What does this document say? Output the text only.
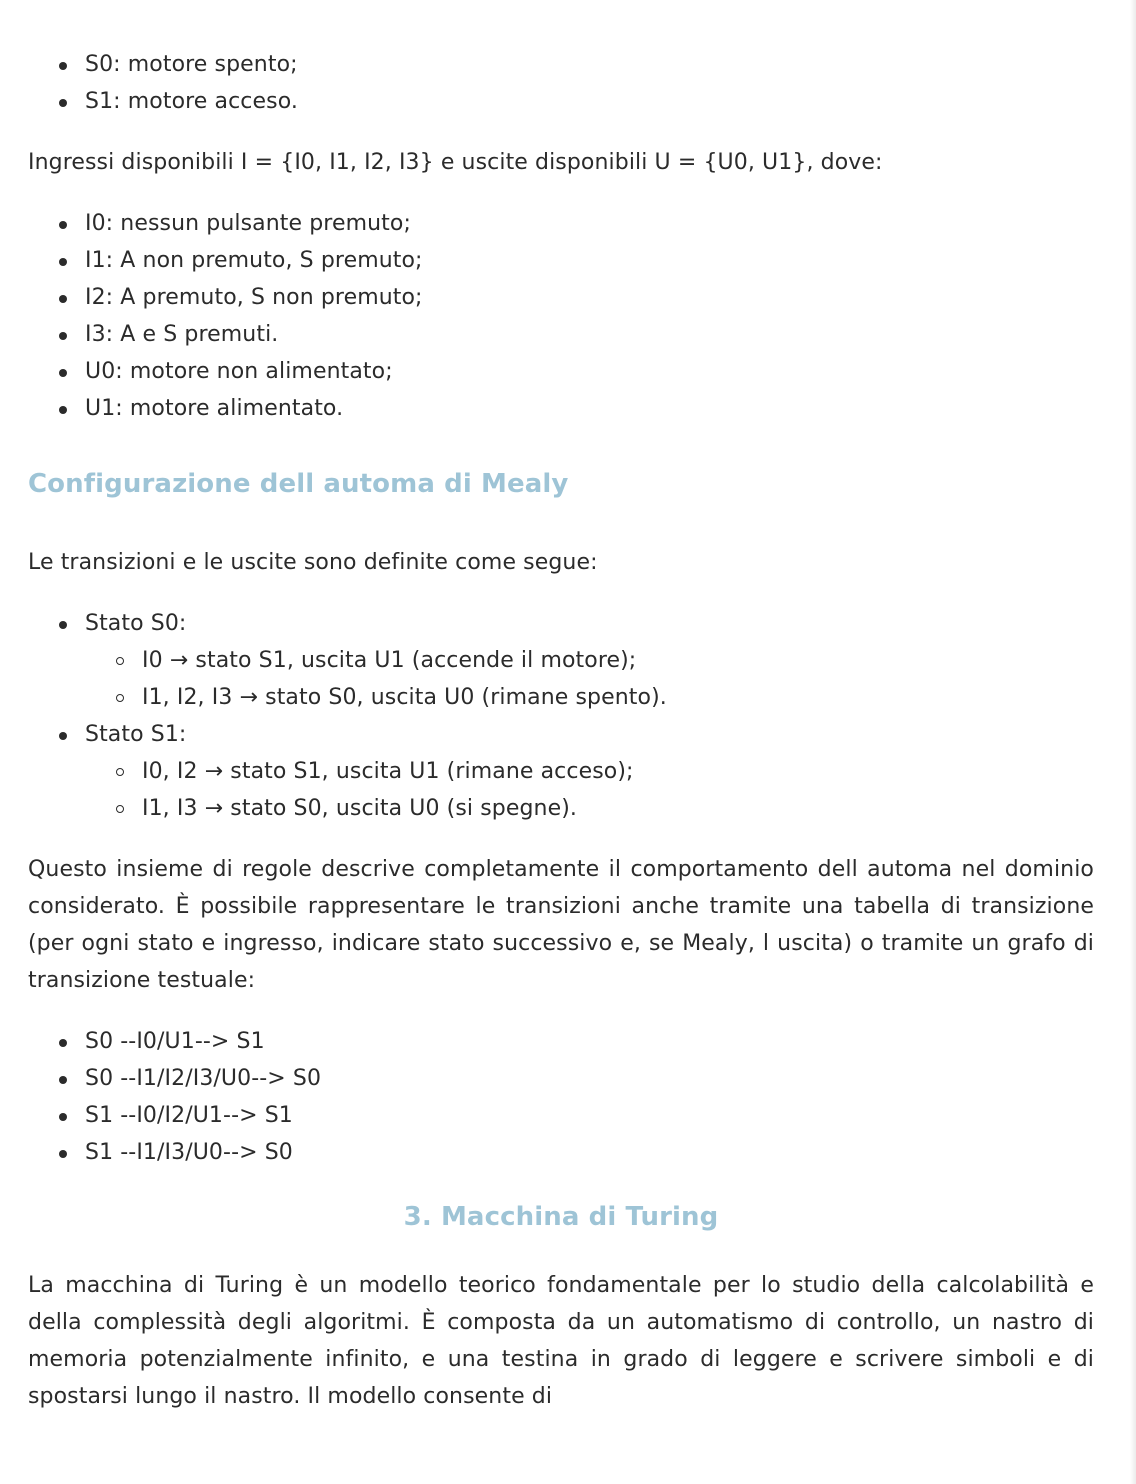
S0: motore spento;
S1: motore acceso.

Ingressi disponibili I = {I0, I1, I2, I3} e uscite disponibili U = {U0, U1}, dove:

I0: nessun pulsante premuto;
I1: A non premuto, S premuto;
I2: A premuto, S non premuto;
I3: A e S premuti.
U0: motore non alimentato;
U1: motore alimentato.
Configurazione dell automa di Mealy

Le transizioni e le uscite sono definite come segue:

Stato S0:
I0 → stato S1, uscita U1 (accende il motore);
I1, I2, I3 → stato S0, uscita U0 (rimane spento).
Stato S1:
I0, I2 → stato S1, uscita U1 (rimane acceso);
I1, I3 → stato S0, uscita U0 (si spegne).

Questo insieme di regole descrive completamente il comportamento dell automa nel dominio considerato. È possibile rappresentare le transizioni anche tramite una tabella di transizione (per ogni stato e ingresso, indicare stato successivo e, se Mealy, l uscita) o tramite un grafo di transizione testuale:

S0 --I0/U1--> S1
S0 --I1/I2/I3/U0--> S0
S1 --I0/I2/U1--> S1
S1 --I1/I3/U0--> S0
3. Macchina di Turing

La macchina di Turing è un modello teorico fondamentale per lo studio della calcolabilità e della complessità degli algoritmi. È composta da un automatismo di controllo, un nastro di memoria potenzialmente infinito, e una testina in grado di leggere e scrivere simboli e di spostarsi lungo il nastro. Il modello consente di
